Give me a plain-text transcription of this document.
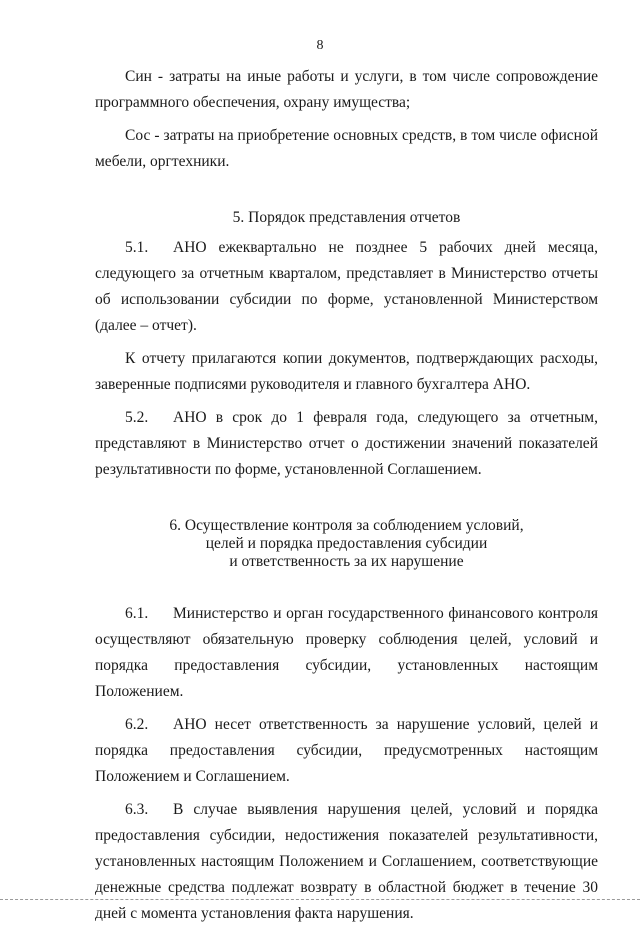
8

Син - затраты на иные работы и услуги, в том числе сопровождение программного обеспечения, охрану имущества;

Сос - затраты на приобретение основных средств, в том числе офисной мебели, оргтехники.

5. Порядок представления отчетов

5.1. АНО ежеквартально не позднее 5 рабочих дней месяца, следующего за отчетным кварталом, представляет в Министерство отчеты об использовании субсидии по форме, установленной Министерством (далее – отчет).

К отчету прилагаются копии документов, подтверждающих расходы, заверенные подписями руководителя и главного бухгалтера АНО.

5.2. АНО в срок до 1 февраля года, следующего за отчетным, представляют в Министерство отчет о достижении значений показателей результативности по форме, установленной Соглашением.

6. Осуществление контроля за соблюдением условий,
целей и порядка предоставления субсидии
и ответственность за их нарушение

6.1. Министерство и орган государственного финансового контроля осуществляют обязательную проверку соблюдения целей, условий и порядка предоставления субсидии, установленных настоящим Положением.

6.2. АНО несет ответственность за нарушение условий, целей и порядка предоставления субсидии, предусмотренных настоящим Положением и Соглашением.

6.3. В случае выявления нарушения целей, условий и порядка предоставления субсидии, недостижения показателей результативности, установленных настоящим Положением и Соглашением, соответствующие денежные средства подлежат возврату в областной бюджет в течение 30 дней с момента установления факта нарушения.
